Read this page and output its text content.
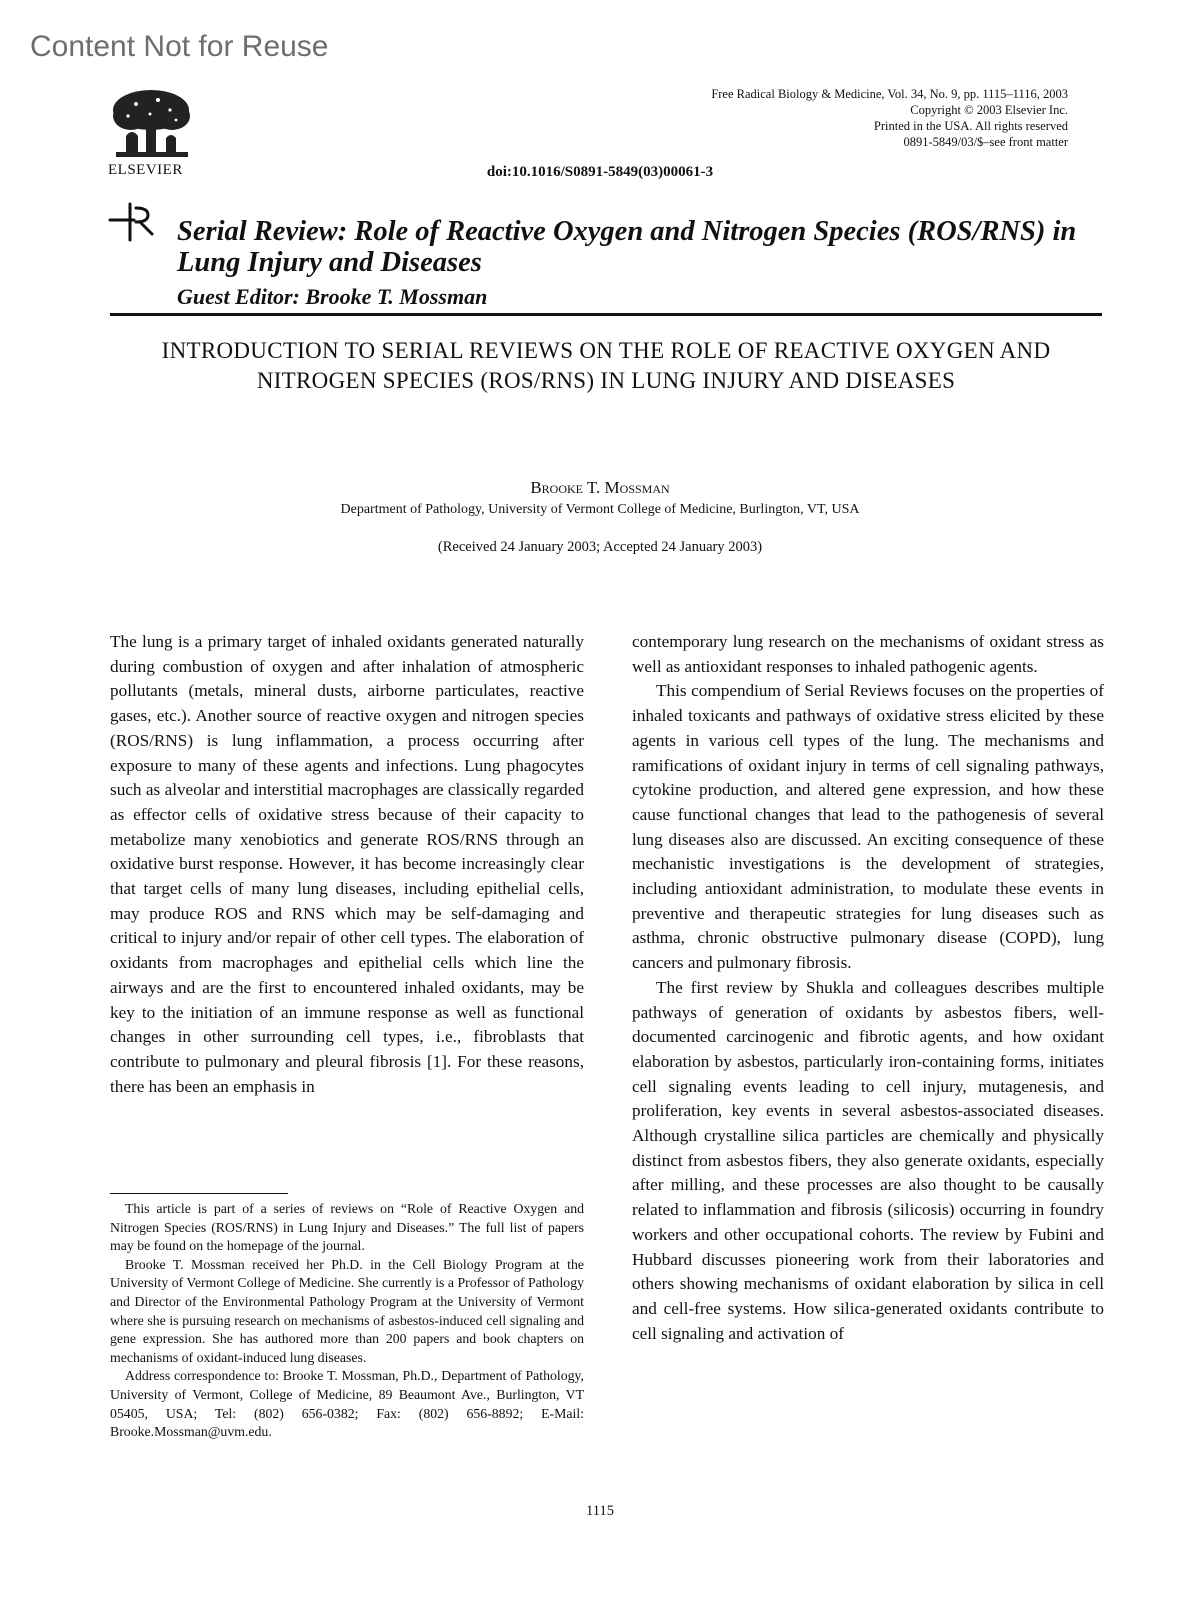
Content Not for Reuse
ELSEVIER
Free Radical Biology & Medicine, Vol. 34, No. 9, pp. 1115–1116, 2003
Copyright © 2003 Elsevier Inc.
Printed in the USA. All rights reserved
0891-5849/03/$–see front matter
doi:10.1016/S0891-5849(03)00061-3
Serial Review: Role of Reactive Oxygen and Nitrogen Species (ROS/RNS) in Lung Injury and Diseases
Guest Editor: Brooke T. Mossman
INTRODUCTION TO SERIAL REVIEWS ON THE ROLE OF REACTIVE OXYGEN AND NITROGEN SPECIES (ROS/RNS) IN LUNG INJURY AND DISEASES
Brooke T. Mossman
Department of Pathology, University of Vermont College of Medicine, Burlington, VT, USA
(Received 24 January 2003; Accepted 24 January 2003)

The lung is a primary target of inhaled oxidants generated naturally during combustion of oxygen and after inhalation of atmospheric pollutants (metals, mineral dusts, airborne particulates, reactive gases, etc.). Another source of reactive oxygen and nitrogen species (ROS/RNS) is lung inflammation, a process occurring after exposure to many of these agents and infections. Lung phagocytes such as alveolar and interstitial macrophages are classically regarded as effector cells of oxidative stress because of their capacity to metabolize many xenobiotics and generate ROS/RNS through an oxidative burst response. However, it has become increasingly clear that target cells of many lung diseases, including epithelial cells, may produce ROS and RNS which may be self-damaging and critical to injury and/or repair of other cell types. The elaboration of oxidants from macrophages and epithelial cells which line the airways and are the first to encountered inhaled oxidants, may be key to the initiation of an immune response as well as functional changes in other surrounding cell types, i.e., fibroblasts that contribute to pulmonary and pleural fibrosis [1]. For these reasons, there has been an emphasis in

contemporary lung research on the mechanisms of oxidant stress as well as antioxidant responses to inhaled pathogenic agents.

This compendium of Serial Reviews focuses on the properties of inhaled toxicants and pathways of oxidative stress elicited by these agents in various cell types of the lung. The mechanisms and ramifications of oxidant injury in terms of cell signaling pathways, cytokine production, and altered gene expression, and how these cause functional changes that lead to the pathogenesis of several lung diseases also are discussed. An exciting consequence of these mechanistic investigations is the development of strategies, including antioxidant administration, to modulate these events in preventive and therapeutic strategies for lung diseases such as asthma, chronic obstructive pulmonary disease (COPD), lung cancers and pulmonary fibrosis.

The first review by Shukla and colleagues describes multiple pathways of generation of oxidants by asbestos fibers, well-documented carcinogenic and fibrotic agents, and how oxidant elaboration by asbestos, particularly iron-containing forms, initiates cell signaling events leading to cell injury, mutagenesis, and proliferation, key events in several asbestos-associated diseases. Although crystalline silica particles are chemically and physically distinct from asbestos fibers, they also generate oxidants, especially after milling, and these processes are also thought to be causally related to inflammation and fibrosis (silicosis) occurring in foundry workers and other occupational cohorts. The review by Fubini and Hubbard discusses pioneering work from their laboratories and others showing mechanisms of oxidant elaboration by silica in cell and cell-free systems. How silica-generated oxidants contribute to cell signaling and activation of

This article is part of a series of reviews on “Role of Reactive Oxygen and Nitrogen Species (ROS/RNS) in Lung Injury and Diseases.” The full list of papers may be found on the homepage of the journal.

Brooke T. Mossman received her Ph.D. in the Cell Biology Program at the University of Vermont College of Medicine. She currently is a Professor of Pathology and Director of the Environmental Pathology Program at the University of Vermont where she is pursuing research on mechanisms of asbestos-induced cell signaling and gene expression. She has authored more than 200 papers and book chapters on mechanisms of oxidant-induced lung diseases.

Address correspondence to: Brooke T. Mossman, Ph.D., Department of Pathology, University of Vermont, College of Medicine, 89 Beaumont Ave., Burlington, VT 05405, USA; Tel: (802) 656-0382; Fax: (802) 656-8892; E-Mail: Brooke.Mossman@uvm.edu.

1115
